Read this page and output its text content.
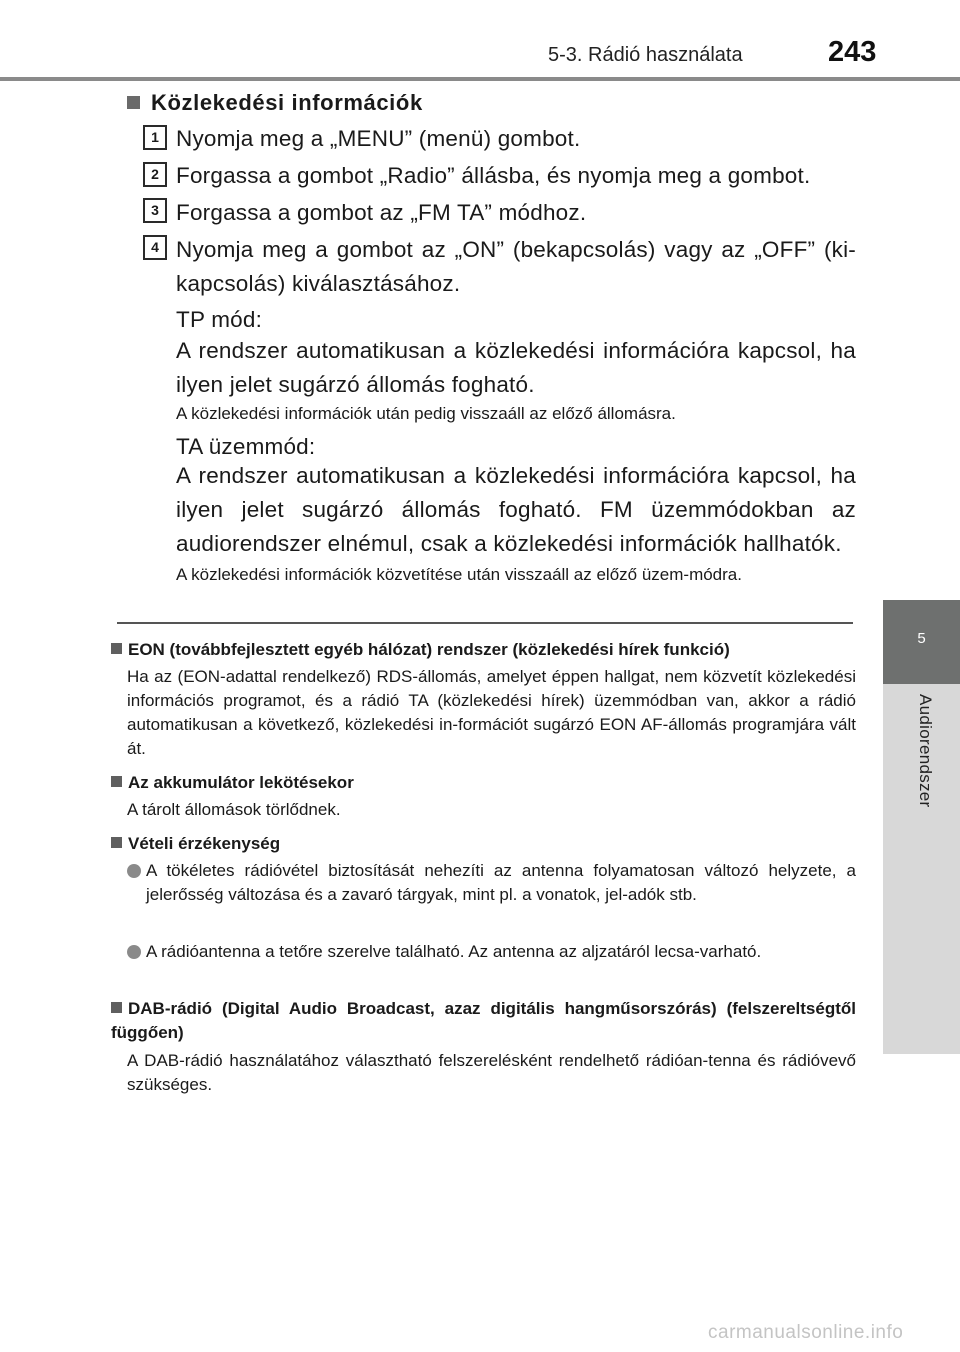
5-3. Rádió használata	243
5
Audiorendszer
Közlekedési információk
1 Nyomja meg a „MENU” (menü) gombot.
2 Forgassa a gombot „Radio” állásba, és nyomja meg a gombot.
3 Forgassa a gombot az „FM TA” módhoz.
4 Nyomja meg a gombot az „ON” (bekapcsolás) vagy az „OFF” (ki-kapcsolás) kiválasztásához.
TP mód:
A rendszer automatikusan a közlekedési információra kapcsol, ha ilyen jelet sugárzó állomás fogható.
A közlekedési információk után pedig visszaáll az előző állomásra.
TA üzemmód:
A rendszer automatikusan a közlekedési információra kapcsol, ha ilyen jelet sugárzó állomás fogható. FM üzemmódokban az audiorendszer elnémul, csak a közlekedési információk hallhatók.
A közlekedési információk közvetítése után visszaáll az előző üzem-módra.
EON (továbbfejlesztett egyéb hálózat) rendszer (közlekedési hírek funkció)
Ha az (EON-adattal rendelkező) RDS-állomás, amelyet éppen hallgat, nem közvetít közlekedési információs programot, és a rádió TA (közlekedési hírek) üzemmódban van, akkor a rádió automatikusan a következő, közlekedési in-formációt sugárzó EON AF-állomás programjára vált át.
Az akkumulátor lekötésekor
A tárolt állomások törlődnek.
Vételi érzékenység
A tökéletes rádióvétel biztosítását nehezíti az antenna folyamatosan változó helyzete, a jelerősség változása és a zavaró tárgyak, mint pl. a vonatok, jel-adók stb.
A rádióantenna a tetőre szerelve található. Az antenna az aljzatáról lecsa-varható.
DAB-rádió (Digital Audio Broadcast, azaz digitális hangműsorszórás) (felszereltségtől függően)
A DAB-rádió használatához választható felszerelésként rendelhető rádióan-tenna és rádióvevő szükséges.
carmanualsonline.info
